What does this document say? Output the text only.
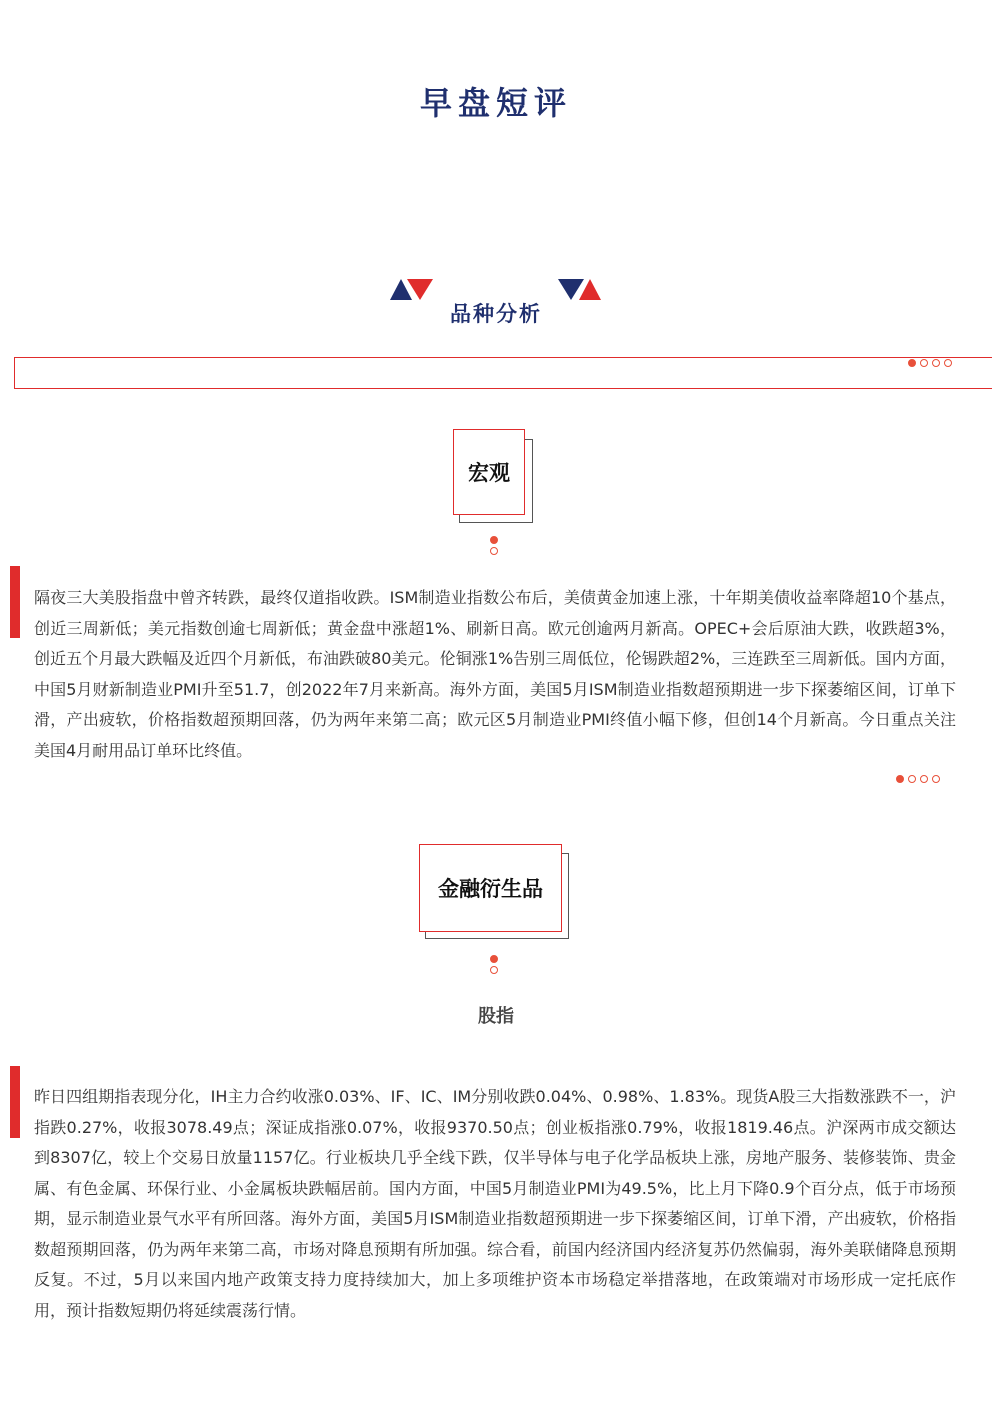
早盘短评
品种分析
宏观
隔夜三大美股指盘中曾齐转跌，最终仅道指收跌。ISM制造业指数公布后，美债黄金加速上涨，十年期美债收益率降超10个基点，创近三周新低；美元指数创逾七周新低；黄金盘中涨超1%、刷新日高。欧元创逾两月新高。OPEC+会后原油大跌，收跌超3%，创近五个月最大跌幅及近四个月新低，布油跌破80美元。伦铜涨1%告别三周低位，伦锡跌超2%，三连跌至三周新低。国内方面，中国5月财新制造业PMI升至51.7，创2022年7月来新高。海外方面，美国5月ISM制造业指数超预期进一步下探萎缩区间，订单下滑，产出疲软，价格指数超预期回落，仍为两年来第二高；欧元区5月制造业PMI终值小幅下修，但创14个月新高。今日重点关注美国4月耐用品订单环比终值。
金融衍生品
股指
昨日四组期指表现分化，IH主力合约收涨0.03%、IF、IC、IM分别收跌0.04%、0.98%、1.83%。现货A股三大指数涨跌不一，沪指跌0.27%，收报3078.49点；深证成指涨0.07%，收报9370.50点；创业板指涨0.79%，收报1819.46点。沪深两市成交额达到8307亿，较上个交易日放量1157亿。行业板块几乎全线下跌，仅半导体与电子化学品板块上涨，房地产服务、装修装饰、贵金属、有色金属、环保行业、小金属板块跌幅居前。国内方面，中国5月制造业PMI为49.5%，比上月下降0.9个百分点，低于市场预期，显示制造业景气水平有所回落。海外方面，美国5月ISM制造业指数超预期进一步下探萎缩区间，订单下滑，产出疲软，价格指数超预期回落，仍为两年来第二高，市场对降息预期有所加强。综合看，前国内经济国内经济复苏仍然偏弱，海外美联储降息预期反复。不过，5月以来国内地产政策支持力度持续加大，加上多项维护资本市场稳定举措落地，在政策端对市场形成一定托底作用，预计指数短期仍将延续震荡行情。
